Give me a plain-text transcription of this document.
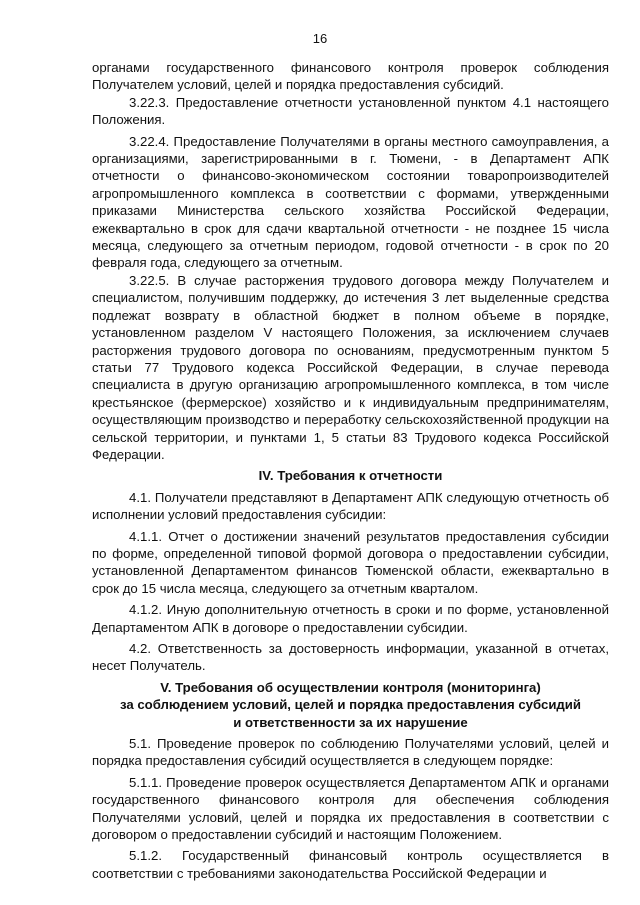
16

органами государственного финансового контроля проверок соблюдения Получателем условий, целей и порядка предоставления субсидий.

3.22.3. Предоставление отчетности установленной пунктом 4.1 настоящего Положения.

3.22.4. Предоставление Получателями в органы местного самоуправления, а организациями, зарегистрированными в г. Тюмени, - в Департамент АПК отчетности о финансово-экономическом состоянии товаропроизводителей агропромышленного комплекса в соответствии с формами, утвержденными приказами Министерства сельского хозяйства Российской Федерации, ежеквартально в срок для сдачи квартальной отчетности - не позднее 15 числа месяца, следующего за отчетным периодом, годовой отчетности - в срок по 20 февраля года, следующего за отчетным.

3.22.5. В случае расторжения трудового договора между Получателем и специалистом, получившим поддержку, до истечения 3 лет выделенные средства подлежат возврату в областной бюджет в полном объеме в порядке, установленном разделом V настоящего Положения, за исключением случаев расторжения трудового договора по основаниям, предусмотренным пунктом 5 статьи 77 Трудового кодекса Российской Федерации, в случае перевода специалиста в другую организацию агропромышленного комплекса, в том числе крестьянское (фермерское) хозяйство и к индивидуальным предпринимателям, осуществляющим производство и переработку сельскохозяйственной продукции на сельской территории, и пунктами 1, 5 статьи 83 Трудового кодекса Российской Федерации.

IV. Требования к отчетности

4.1. Получатели представляют в Департамент АПК следующую отчетность об исполнении условий предоставления субсидии:

4.1.1. Отчет о достижении значений результатов предоставления субсидии по форме, определенной типовой формой договора о предоставлении субсидии, установленной Департаментом финансов Тюменской области, ежеквартально в срок до 15 числа месяца, следующего за отчетным кварталом.

4.1.2. Иную дополнительную отчетность в сроки и по форме, установленной Департаментом АПК в договоре о предоставлении субсидии.

4.2. Ответственность за достоверность информации, указанной в отчетах, несет Получатель.

V. Требования об осуществлении контроля (мониторинга)
за соблюдением условий, целей и порядка предоставления субсидий
и ответственности за их нарушение

5.1. Проведение проверок по соблюдению Получателями условий, целей и порядка предоставления субсидий осуществляется в следующем порядке:

5.1.1. Проведение проверок осуществляется Департаментом АПК и органами государственного финансового контроля для обеспечения соблюдения Получателями условий, целей и порядка их предоставления в соответствии с договором о предоставлении субсидий и настоящим Положением.

5.1.2. Государственный финансовый контроль осуществляется в соответствии с требованиями законодательства Российской Федерации и
